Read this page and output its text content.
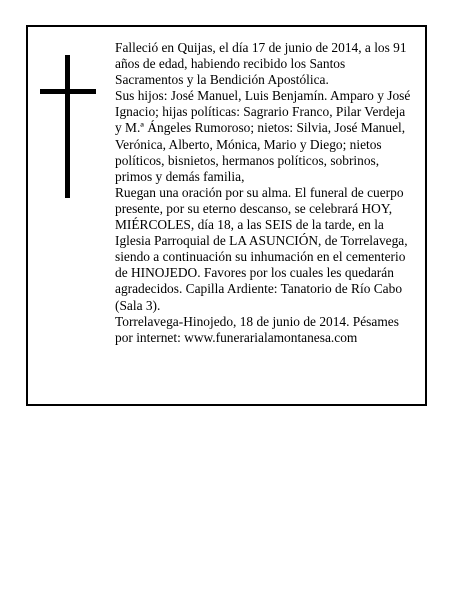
Falleció en Quijas, el día 17 de junio de 2014, a los 91
años de edad, habiendo recibido los Santos
Sacramentos y la Bendición Apostólica.

Sus hijos: José Manuel, Luis Benjamín. Amparo y José
Ignacio; hijas políticas: Sagrario Franco, Pilar Verdeja
y M.ª Ángeles Rumoroso; nietos: Silvia, José Manuel,
Verónica, Alberto, Mónica, Mario y Diego; nietos
políticos, bisnietos, hermanos políticos, sobrinos,
primos y demás familia,

Ruegan una oración por su alma. El funeral de cuerpo
presente, por su eterno descanso, se celebrará HOY,
MIÉRCOLES, día 18, a las SEIS de la tarde, en la
Iglesia Parroquial de LA ASUNCIÓN, de Torrelavega,
siendo a continuación su inhumación en el cementerio
de HINOJEDO. Favores por los cuales les quedarán
agradecidos. Capilla Ardiente: Tanatorio de Río Cabo
(Sala 3).

Torrelavega-Hinojedo, 18 de junio de 2014. Pésames
por internet: www.funerarialamontanesa.com
